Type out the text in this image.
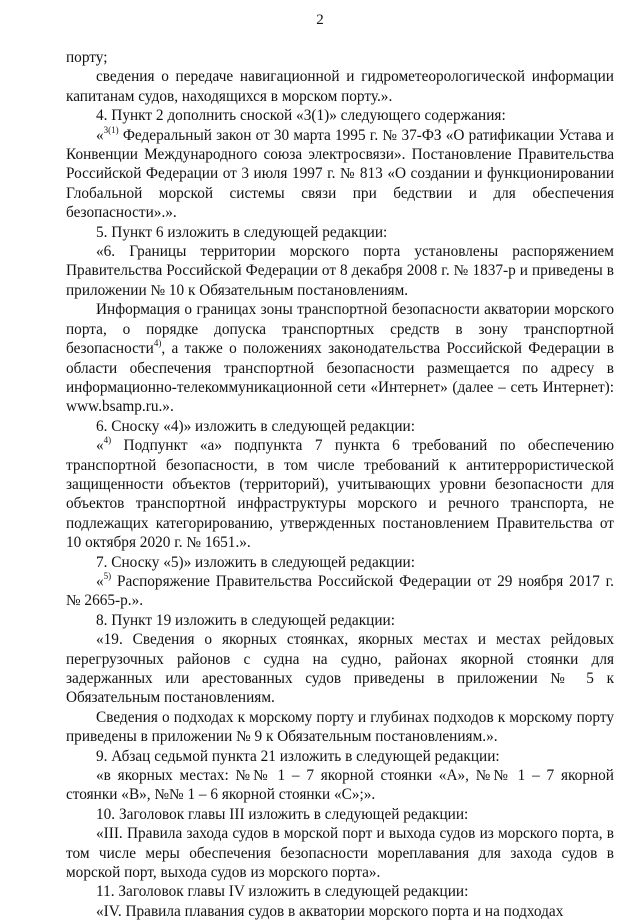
2

порту;

сведения о передаче навигационной и гидрометеорологической информации капитанам судов, находящихся в морском порту.».

4. Пункт 2 дополнить сноской «3(1)» следующего содержания:

«$^{3(1)}$ Федеральный закон от 30 марта 1995 г. № 37-ФЗ «О ратификации Устава и Конвенции Международного союза электросвязи». Постановление Правительства Российской Федерации от 3 июля 1997 г. № 813 «О создании и функционировании Глобальной морской системы связи при бедствии и для обеспечения безопасности».».

5. Пункт 6 изложить в следующей редакции:

«6. Границы территории морского порта установлены распоряжением Правительства Российской Федерации от 8 декабря 2008 г. № 1837-р и приведены в приложении № 10 к Обязательным постановлениям.

Информация о границах зоны транспортной безопасности акватории морского порта, о порядке допуска транспортных средств в зону транспортной безопасности$^{4)}$, а также о положениях законодательства Российской Федерации в области обеспечения транспортной безопасности размещается по адресу в информационно-телекоммуникационной сети «Интернет» (далее – сеть Интернет): www.bsamp.ru.».

6. Сноску «4)» изложить в следующей редакции:

«$^{4)}$ Подпункт «а» подпункта 7 пункта 6 требований по обеспечению транспортной безопасности, в том числе требований к антитеррористической защищенности объектов (территорий), учитывающих уровни безопасности для объектов транспортной инфраструктуры морского и речного транспорта, не подлежащих категорированию, утвержденных постановлением Правительства от 10 октября 2020 г. № 1651.».

7. Сноску «5)» изложить в следующей редакции:

«$^{5)}$ Распоряжение Правительства Российской Федерации от 29 ноября 2017 г. № 2665-р.».

8. Пункт 19 изложить в следующей редакции:

«19. Сведения о якорных стоянках, якорных местах и местах рейдовых перегрузочных районов с судна на судно, районах якорной стоянки для задержанных или арестованных судов приведены в приложении № 5 к Обязательным постановлениям.

Сведения о подходах к морскому порту и глубинах подходов к морскому порту приведены в приложении № 9 к Обязательным постановлениям.».

9. Абзац седьмой пункта 21 изложить в следующей редакции:

«в якорных местах: №№ 1 – 7 якорной стоянки «А», №№ 1 – 7 якорной стоянки «В», №№ 1 – 6 якорной стоянки «С»;».

10. Заголовок главы III изложить в следующей редакции:

«III. Правила захода судов в морской порт и выхода судов из морского порта, в том числе меры обеспечения безопасности мореплавания для захода судов в морской порт, выхода судов из морского порта».

11. Заголовок главы IV изложить в следующей редакции:

«IV. Правила плавания судов в акватории морского порта и на подходах
